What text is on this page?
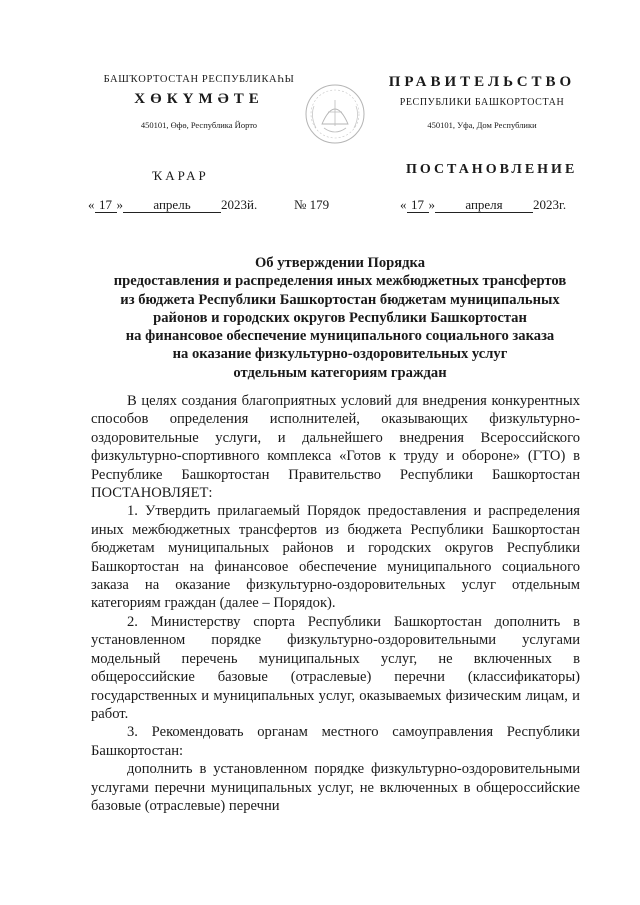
БАШҠОРТОСТАН РЕСПУБЛИКАҺЫ
ХӨКҮМӘТЕ
450101, Өфө, Республика Йорто
ПРАВИТЕЛЬСТВО
РЕСПУБЛИКИ БАШКОРТОСТАН
450101, Уфа, Дом Республики
ҠАРАР	ПОСТАНОВЛЕНИЕ
« 17 » апрель 2023й.	№ 179	« 17 » апреля 2023г.
Об утверждении Порядка
предоставления и распределения иных межбюджетных трансфертов
из бюджета Республики Башкортостан бюджетам муниципальных
районов и городских округов Республики Башкортостан
на финансовое обеспечение муниципального социального заказа
на оказание физкультурно-оздоровительных услуг
отдельным категориям граждан

В целях создания благоприятных условий для внедрения конкурентных способов определения исполнителей, оказывающих физкультурно-оздоровительные услуги, и дальнейшего внедрения Всероссийского физкультурно-спортивного комплекса «Готов к труду и обороне» (ГТО) в Республике Башкортостан Правительство Республики Башкортостан ПОСТАНОВЛЯЕТ:

1. Утвердить прилагаемый Порядок предоставления и распределения иных межбюджетных трансфертов из бюджета Республики Башкортостан бюджетам муниципальных районов и городских округов Республики Башкортостан на финансовое обеспечение муниципального социального заказа на оказание физкультурно-оздоровительных услуг отдельным категориям граждан (далее – Порядок).

2. Министерству спорта Республики Башкортостан дополнить в установленном порядке физкультурно-оздоровительными услугами модельный перечень муниципальных услуг, не включенных в общероссийские базовые (отраслевые) перечни (классификаторы) государственных и муниципальных услуг, оказываемых физическим лицам, и работ.

3. Рекомендовать органам местного самоуправления Республики Башкортостан:

дополнить в установленном порядке физкультурно-оздоровительными услугами перечни муниципальных услуг, не включенных в общероссийские базовые (отраслевые) перечни
